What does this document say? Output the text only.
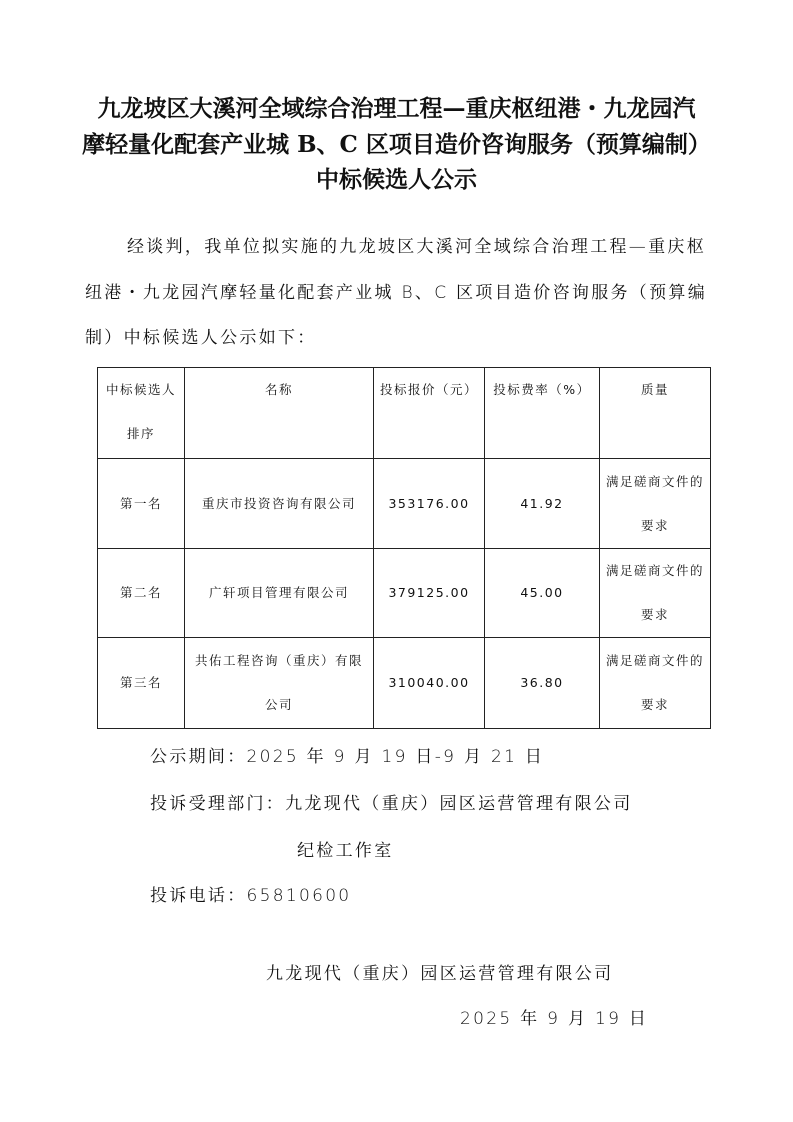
九龙坡区大溪河全域综合治理工程—重庆枢纽港・九龙园汽
摩轻量化配套产业城 B、C 区项目造价咨询服务（预算编制）
中标候选人公示
经谈判，我单位拟实施的九龙坡区大溪河全域综合治理工程—重庆枢
纽港・九龙园汽摩轻量化配套产业城 B、C 区项目造价咨询服务（预算编
制）中标候选人公示如下：
中标候选人排序	名称	投标报价（元）	投标费率（%）	质量
第一名	重庆市投资咨询有限公司	353176.00	41.92	满足磋商文件的要求
第二名	广轩项目管理有限公司	379125.00	45.00	满足磋商文件的要求
第三名	共佑工程咨询（重庆）有限公司	310040.00	36.80	满足磋商文件的要求
公示期间：2025 年 9 月 19 日-9 月 21 日
投诉受理部门：九龙现代（重庆）园区运营管理有限公司
纪检工作室
投诉电话：65810600
九龙现代（重庆）园区运营管理有限公司
2025 年 9 月 19 日
